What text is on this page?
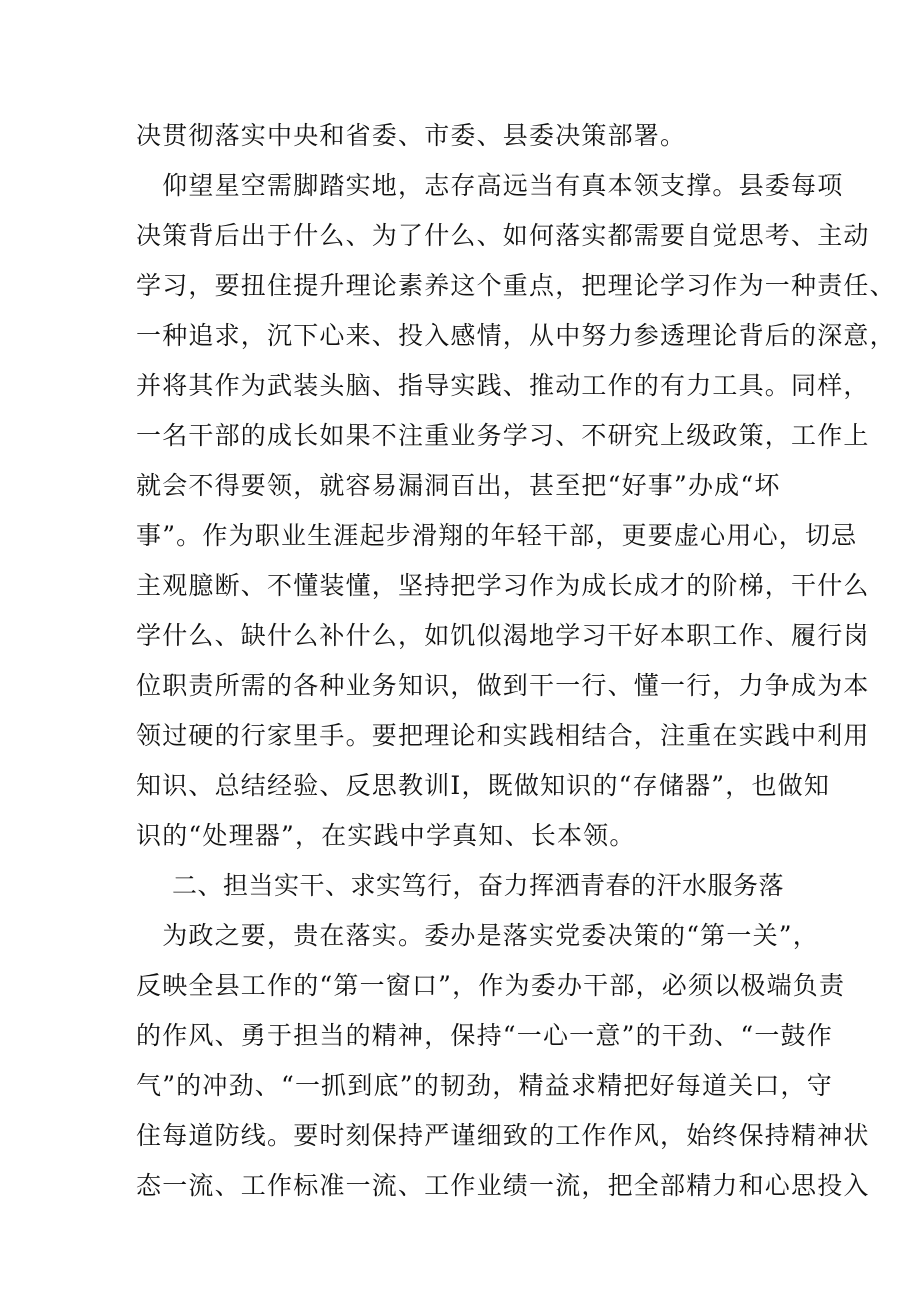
决贯彻落实中央和省委、市委、县委决策部署。
　仰望星空需脚踏实地，志存高远当有真本领支撑。县委每项
决策背后出于什么、为了什么、如何落实都需要自觉思考、主动
学习，要扭住提升理论素养这个重点，把理论学习作为一种责任、
一种追求，沉下心来、投入感情，从中努力参透理论背后的深意，
并将其作为武装头脑、指导实践、推动工作的有力工具。同样，
一名干部的成长如果不注重业务学习、不研究上级政策，工作上
就会不得要领，就容易漏洞百出，甚至把“好事”办成“坏
事”。作为职业生涯起步滑翔的年轻干部，更要虚心用心，切忌
主观臆断、不懂装懂，坚持把学习作为成长成才的阶梯，干什么
学什么、缺什么补什么，如饥似渴地学习干好本职工作、履行岗
位职责所需的各种业务知识，做到干一行、懂一行，力争成为本
领过硬的行家里手。要把理论和实践相结合，注重在实践中利用
知识、总结经验、反思教训I，既做知识的“存储器”，也做知
识的“处理器”，在实践中学真知、长本领。
二、担当实干、求实笃行，奋力挥洒青春的汗水服务落
　为政之要，贵在落实。委办是落实党委决策的“第一关”，
反映全县工作的“第一窗口”，作为委办干部，必须以极端负责
的作风、勇于担当的精神，保持“一心一意”的干劲、“一鼓作
气”的冲劲、“一抓到底”的韧劲，精益求精把好每道关口，守
住每道防线。要时刻保持严谨细致的工作作风，始终保持精神状
态一流、工作标准一流、工作业绩一流，把全部精力和心思投入
